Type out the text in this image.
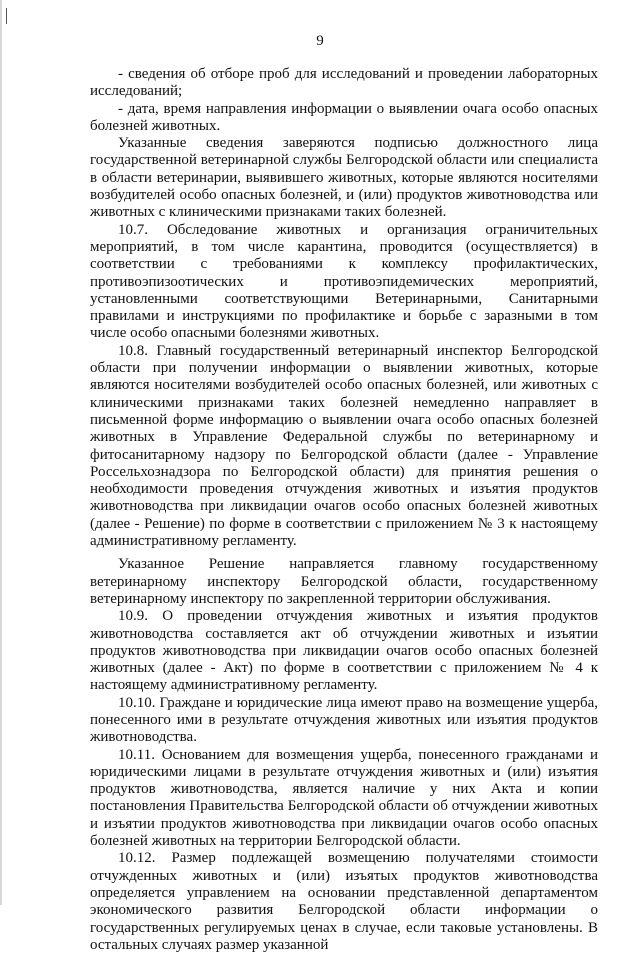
9

- сведения об отборе проб для исследований и проведении лабораторных исследований;

- дата, время направления информации о выявлении очага особо опасных болезней животных.

Указанные сведения заверяются подписью должностного лица государственной ветеринарной службы Белгородской области или специалиста в области ветеринарии, выявившего животных, которые являются носителями возбудителей особо опасных болезней, и (или) продуктов животноводства или животных с клиническими признаками таких болезней.

10.7. Обследование животных и организация ограничительных мероприятий, в том числе карантина, проводится (осуществляется) в соответствии с требованиями к комплексу профилактических, противоэпизоотических и противоэпидемических мероприятий, установленными соответствующими Ветеринарными, Санитарными правилами и инструкциями по профилактике и борьбе с заразными в том числе особо опасными болезнями животных.

10.8. Главный государственный ветеринарный инспектор Белгородской области при получении информации о выявлении животных, которые являются носителями возбудителей особо опасных болезней, или животных с клиническими признаками таких болезней немедленно направляет в письменной форме информацию о выявлении очага особо опасных болезней животных в Управление Федеральной службы по ветеринарному и фитосанитарному надзору по Белгородской области (далее - Управление Россельхознадзора по Белгородской области) для принятия решения о необходимости проведения отчуждения животных и изъятия продуктов животноводства при ликвидации очагов особо опасных болезней животных (далее - Решение) по форме в соответствии с приложением № 3 к настоящему административному регламенту.

Указанное Решение направляется главному государственному ветеринарному инспектору Белгородской области, государственному ветеринарному инспектору по закрепленной территории обслуживания.

10.9. О проведении отчуждения животных и изъятия продуктов животноводства составляется акт об отчуждении животных и изъятии продуктов животноводства при ликвидации очагов особо опасных болезней животных (далее - Акт) по форме в соответствии с приложением № 4 к настоящему административному регламенту.

10.10. Граждане и юридические лица имеют право на возмещение ущерба, понесенного ими в результате отчуждения животных или изъятия продуктов животноводства.

10.11. Основанием для возмещения ущерба, понесенного гражданами и юридическими лицами в результате отчуждения животных и (или) изъятия продуктов животноводства, является наличие у них Акта и копии постановления Правительства Белгородской области об отчуждении животных и изъятии продуктов животноводства при ликвидации очагов особо опасных болезней животных на территории Белгородской области.

10.12. Размер подлежащей возмещению получателями стоимости отчужденных животных и (или) изъятых продуктов животноводства определяется управлением на основании представленной департаментом экономического развития Белгородской области информации о государственных регулируемых ценах в случае, если таковые установлены. В остальных случаях размер указанной
